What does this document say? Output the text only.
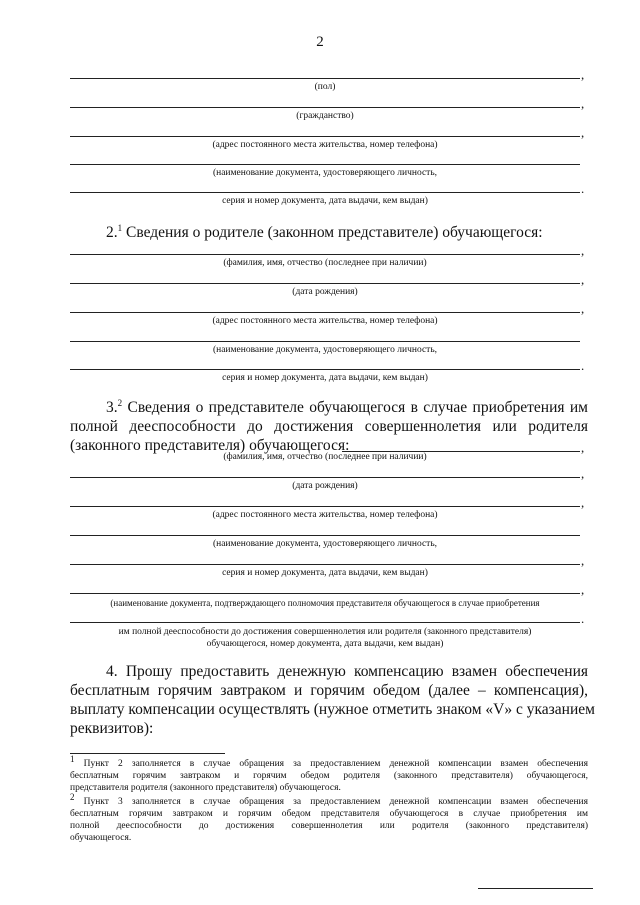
2
,
(пол)
,
(гражданство)
,
(адрес постоянного места жительства, номер телефона)
(наименование документа, удостоверяющего личность,
.
серия и номер документа, дата выдачи, кем выдан)
2.$^1$ Сведения о родителе (законном представителе) обучающегося:
,
(фамилия, имя, отчество (последнее при наличии)
,
(дата рождения)
,
(адрес постоянного места жительства, номер телефона)
(наименование документа, удостоверяющего личность,
.
серия и номер документа, дата выдачи, кем выдан)
3.$^2$ Сведения о представителе обучающегося в случае приобретения им
полной дееспособности до достижения совершеннолетия или родителя
(законного представителя) обучающегося:	,
(фамилия, имя, отчество (последнее при наличии)
,
(дата рождения)
,
(адрес постоянного места жительства, номер телефона)
(наименование документа, удостоверяющего личность,
,
серия и номер документа, дата выдачи, кем выдан)
,
(наименование документа, подтверждающего полномочия представителя обучающегося в случае приобретения
.
им полной дееспособности до достижения совершеннолетия или родителя (законного представителя)
обучающегося, номер документа, дата выдачи, кем выдан)
4. Прошу предоставить денежную компенсацию взамен обеспечения
бесплатным горячим завтраком и горячим обедом (далее – компенсация),
выплату компенсации осуществлять (нужное отметить знаком «V» с указанием
реквизитов):
$^1$ Пункт 2 заполняется в случае обращения за предоставлением денежной компенсации взамен обеспечения
бесплатным горячим завтраком и горячим обедом родителя (законного представителя) обучающегося,
представителя родителя (законного представителя) обучающегося.
$^2$ Пункт 3 заполняется в случае обращения за предоставлением денежной компенсации взамен обеспечения
бесплатным горячим завтраком и горячим обедом представителя обучающегося в случае приобретения им
полной дееспособности до достижения совершеннолетия или родителя (законного представителя)
обучающегося.
